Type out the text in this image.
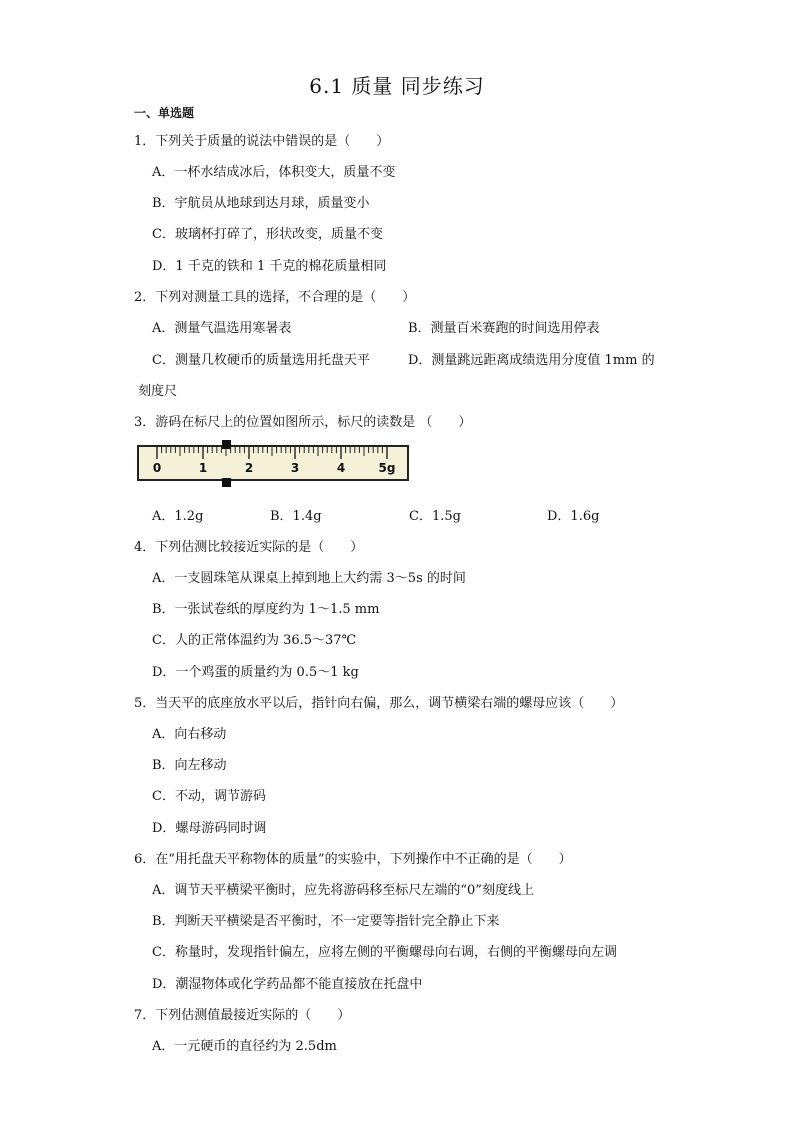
6.1 质量 同步练习
一、单选题
1．下列关于质量的说法中错误的是（　　）
A．一杯水结成冰后，体积变大，质量不变
B．宇航员从地球到达月球，质量变小
C．玻璃杯打碎了，形状改变，质量不变
D．1 千克的铁和 1 千克的棉花质量相同
2．下列对测量工具的选择，不合理的是（　　）
A．测量气温选用寒暑表	B．测量百米赛跑的时间选用停表
C．测量几枚硬币的质量选用托盘天平	D．测量跳远距离成绩选用分度值 1mm 的
刻度尺
3．游码在标尺上的位置如图所示，标尺的读数是 （　　）
0	1	2	3	4	5g
A．1.2g	B．1.4g	C．1.5g	D．1.6g
4．下列估测比较接近实际的是（　　）
A．一支圆珠笔从课桌上掉到地上大约需 3～5s 的时间
B．一张试卷纸的厚度约为 1～1.5 mm
C．人的正常体温约为 36.5～37℃
D．一个鸡蛋的质量约为 0.5～1 kg
5．当天平的底座放水平以后，指针向右偏，那么，调节横梁右端的螺母应该（　　）
A．向右移动
B．向左移动
C．不动，调节游码
D．螺母游码同时调
6．在“用托盘天平称物体的质量”的实验中，下列操作中不正确的是（　　）
A．调节天平横梁平衡时，应先将游码移至标尺左端的“0”刻度线上
B．判断天平横梁是否平衡时，不一定要等指针完全静止下来
C．称量时，发现指针偏左，应将左侧的平衡螺母向右调，右侧的平衡螺母向左调
D．潮湿物体或化学药品都不能直接放在托盘中
7．下列估测值最接近实际的（　　）
A．一元硬币的直径约为 2.5dm
